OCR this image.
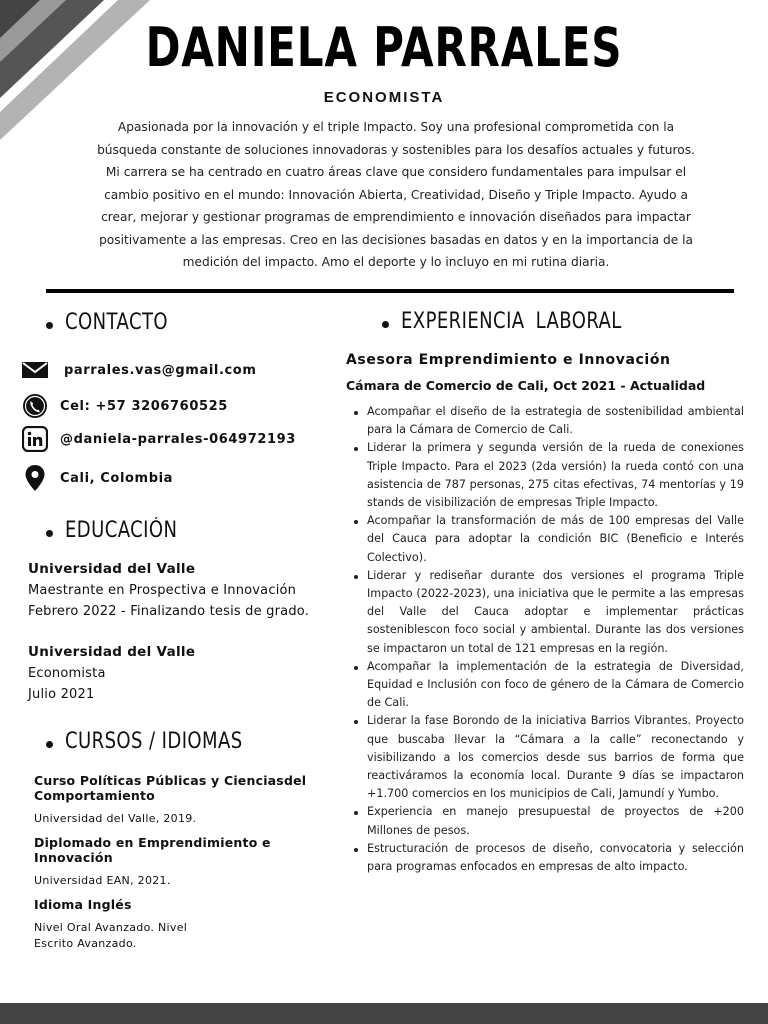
DANIELA PARRALES
ECONOMISTA
Apasionada por la innovación y el triple Impacto. Soy una profesional comprometida con la búsqueda constante de soluciones innovadoras y sostenibles para los desafíos actuales y futuros. Mi carrera se ha centrado en cuatro áreas clave que considero fundamentales para impulsar el cambio positivo en el mundo: Innovación Abierta, Creatividad, Diseño y Triple Impacto. Ayudo a crear, mejorar y gestionar programas de emprendimiento e innovación diseñados para impactar positivamente a las empresas. Creo en las decisiones basadas en datos y en la importancia de la medición del impacto. Amo el deporte y lo incluyo en mi rutina diaria.
CONTACTO
parrales.vas@gmail.com
Cel: +57 3206760525
@daniela-parrales-064972193
Cali, Colombia
EDUCACIÓN
Universidad del Valle
Maestrante en Prospectiva e Innovación
Febrero 2022 - Finalizando tesis de grado.
Universidad del Valle
Economista
Julio 2021
CURSOS / IDIOMAS
Curso Políticas Públicas y Cienciasdel Comportamiento
Universidad del Valle, 2019.
Diplomado en Emprendimiento e Innovación
Universidad EAN, 2021.
Idioma Inglés
Nivel Oral Avanzado. Nivel Escrito Avanzado.
EXPERIENCIA LABORAL
Asesora Emprendimiento e Innovación
Cámara de Comercio de Cali, Oct 2021 - Actualidad
Acompañar el diseño de la estrategia de sostenibilidad ambiental para la Cámara de Comercio de Cali.
Liderar la primera y segunda versión de la rueda de conexiones Triple Impacto. Para el 2023 (2da versión) la rueda contó con una asistencia de 787 personas, 275 citas efectivas, 74 mentorías y 19 stands de visibilización de empresas Triple Impacto.
Acompañar la transformación de más de 100 empresas del Valle del Cauca para adoptar la condición BIC (Beneficio e Interés Colectivo).
Liderar y rediseñar durante dos versiones el programa Triple Impacto (2022-2023), una iniciativa que le permite a las empresas del Valle del Cauca adoptar e implementar prácticas sosteniblescon foco social y ambiental. Durante las dos versiones se impactaron un total de 121 empresas en la región.
Acompañar la implementación de la estrategia de Diversidad, Equidad e Inclusión con foco de género de la Cámara de Comercio de Cali.
Liderar la fase Borondo de la iniciativa Barrios Vibrantes. Proyecto que buscaba llevar la “Cámara a la calle” reconectando y visibilizando a los comercios desde sus barrios de forma que reactiváramos la economía local. Durante 9 días se impactaron +1.700 comercios en los municipios de Cali, Jamundí y Yumbo.
Experiencia en manejo presupuestal de proyectos de +200 Millones de pesos.
Estructuración de procesos de diseño, convocatoria y selección para programas enfocados en empresas de alto impacto.
